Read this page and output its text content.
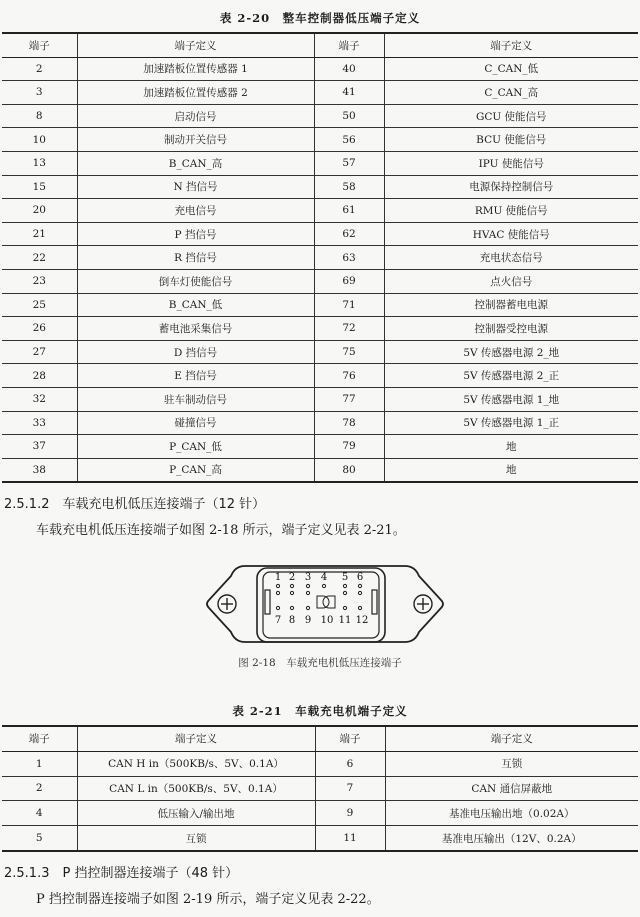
表 2-20　整车控制器低压端子定义
端子	端子定义	端子	端子定义
2	加速踏板位置传感器 1	40	C_CAN_低
3	加速踏板位置传感器 2	41	C_CAN_高
8	启动信号	50	GCU 使能信号
10	制动开关信号	56	BCU 使能信号
13	B_CAN_高	57	IPU 使能信号
15	N 挡信号	58	电源保持控制信号
20	充电信号	61	RMU 使能信号
21	P 挡信号	62	HVAC 使能信号
22	R 挡信号	63	充电状态信号
23	倒车灯使能信号	69	点火信号
25	B_CAN_低	71	控制器蓄电电源
26	蓄电池采集信号	72	控制器受控电源
27	D 挡信号	75	5V 传感器电源 2_地
28	E 挡信号	76	5V 传感器电源 2_正
32	驻车制动信号	77	5V 传感器电源 1_地
33	碰撞信号	78	5V 传感器电源 1_正
37	P_CAN_低	79	地
38	P_CAN_高	80	地
2.5.1.2　车载充电机低压连接端子（12 针）
车载充电机低压连接端子如图 2-18 所示，端子定义见表 2-21。
1 2 3 4 5 6
7 8 9 10 11 12
图 2-18　车载充电机低压连接端子
表 2-21　车载充电机端子定义
端子	端子定义	端子	端子定义
1	CAN H in（500KB/s、5V、0.1A）	6	互锁
2	CAN L in（500KB/s、5V、0.1A）	7	CAN 通信屏蔽地
4	低压输入/输出地	9	基准电压输出地（0.02A）
5	互锁	11	基准电压输出（12V、0.2A）
2.5.1.3　P 挡控制器连接端子（48 针）
P 挡控制器连接端子如图 2-19 所示，端子定义见表 2-22。
